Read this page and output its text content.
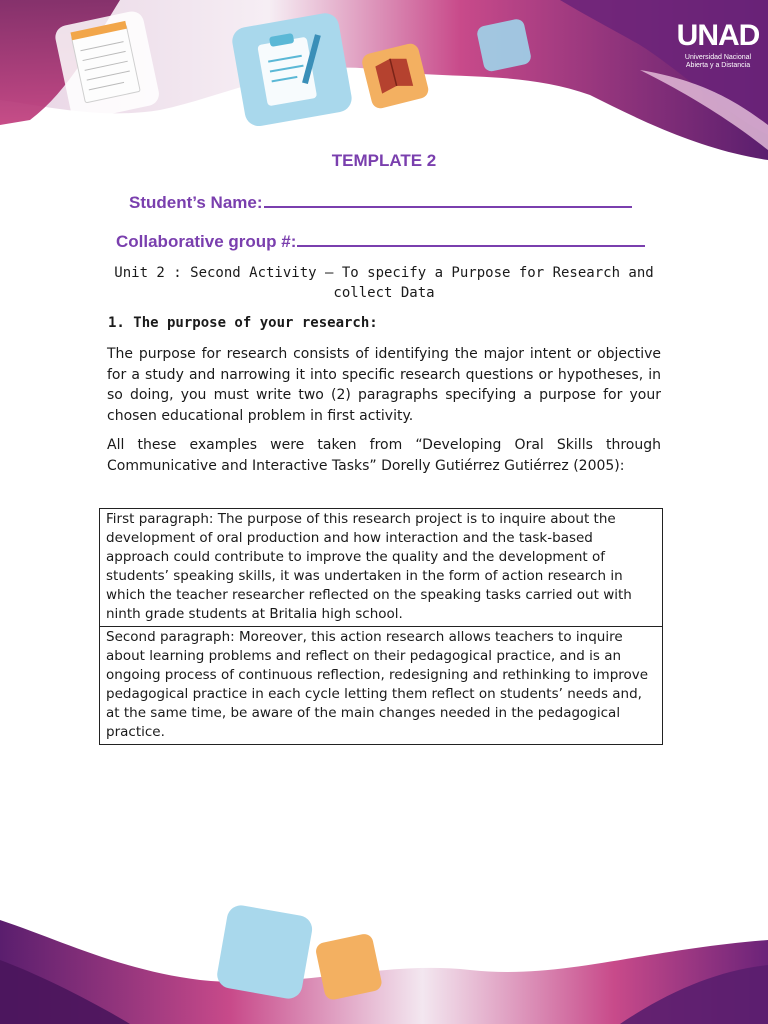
UNAD
Universidad Nacional
Abierta y a Distancia
TEMPLATE 2
Student’s Name:
Collaborative group #:
Unit 2 : Second Activity – To specify a Purpose for Research and
collect Data
1. The purpose of your research:

The purpose for research consists of identifying the major intent or objective for a study and narrowing it into specific research questions or hypotheses, in so doing, you must write two (2) paragraphs specifying a purpose for your chosen educational problem in first activity.

All these examples were taken from “Developing Oral Skills through Communicative and Interactive Tasks” Dorelly Gutiérrez Gutiérrez (2005):

First paragraph: The purpose of this research project is to inquire about the development of oral production and how interaction and the task-based approach could contribute to improve the quality and the development of students’ speaking skills, it was undertaken in the form of action research in which the teacher researcher reflected on the speaking tasks carried out with ninth grade students at Britalia high school.
Second paragraph: Moreover, this action research allows teachers to inquire about learning problems and reflect on their pedagogical practice, and is an ongoing process of continuous reflection, redesigning and rethinking to improve pedagogical practice in each cycle letting them reflect on students’ needs and, at the same time, be aware of the main changes needed in the pedagogical practice.
